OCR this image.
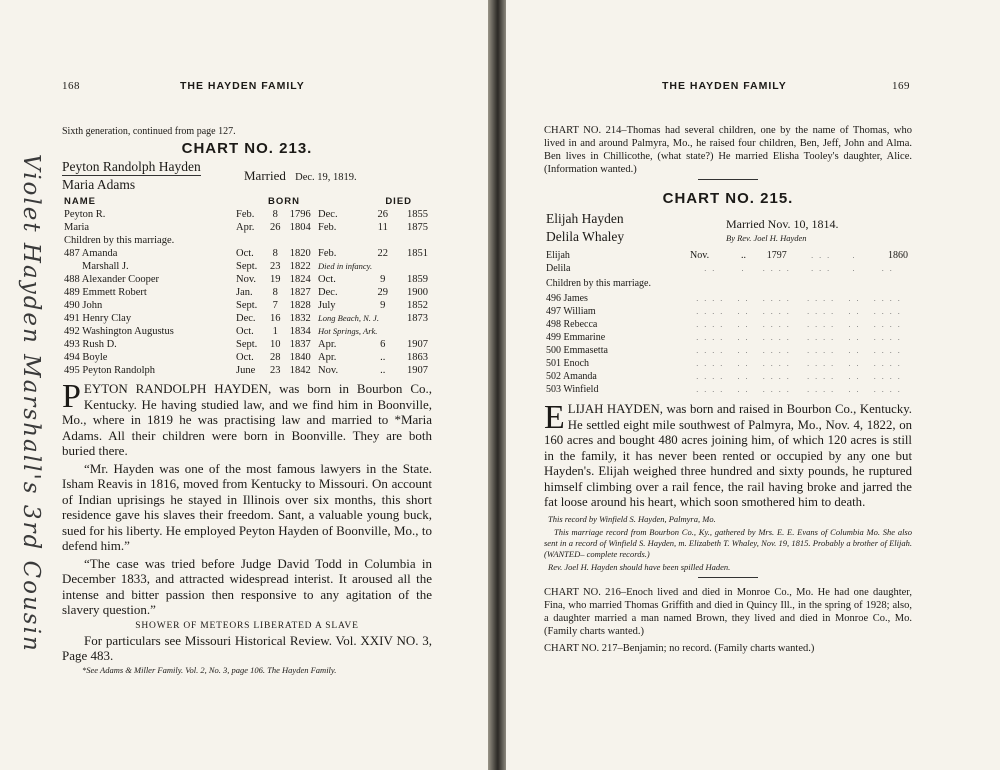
168	THE HAYDEN FAMILY
Violet Hayden Marshall's 3rd Cousin
Sixth generation, continued from page 127.
CHART NO. 213.
Peyton Randolph Hayden
Maria Adams
Married Dec. 19, 1819.
NAME		BORN			DIED	
Peyton R.	Feb.	8	1796	Dec.	26	1855
Maria	Apr.	26	1804	Feb.	11	1875
Children by this marriage.						
487 Amanda	Oct.	8	1820	Feb.	22	1851
Marshall J.	Sept.	23	1822	Died in infancy.		
488 Alexander Cooper	Nov.	19	1824	Oct.	9	1859
489 Emmett Robert	Jan.	8	1827	Dec.	29	1900
490 John	Sept.	7	1828	July	9	1852
491 Henry Clay	Dec.	16	1832	Long Beach, N. J.		1873
492 Washington Augustus	Oct.	1	1834	Hot Springs, Ark.		
493 Rush D.	Sept.	10	1837	Apr.	6	1907
494 Boyle	Oct.	28	1840	Apr.	..	1863
495 Peyton Randolph	June	23	1842	Nov.	..	1907
PEYTON RANDOLPH HAYDEN, was born in Bourbon Co., Kentucky. He having studied law, and we find him in Boonville, Mo., where in 1819 he was practising law and married to *Maria Adams. All their children were born in Boonville. They are both buried there.
“Mr. Hayden was one of the most famous lawyers in the State. Isham Reavis in 1816, moved from Kentucky to Missouri. On account of Indian uprisings he stayed in Illinois over six months, this short residence gave his slaves their freedom. Sant, a valuable young buck, sued for his liberty. He employed Peyton Hayden of Boonville, Mo., to defend him.”
“The case was tried before Judge David Todd in Columbia in December 1833, and attracted widespread interist. It aroused all the intense and bitter passion then responsive to any agitation of the slavery question.”
SHOWER OF METEORS LIBERATED A SLAVE
For particulars see Missouri Historical Review. Vol. XXIV NO. 3, Page 483.
*See Adams & Miller Family. Vol. 2, No. 3, page 106. The Hayden Family.
THE HAYDEN FAMILY	169
CHART NO. 214–Thomas had several children, one by the name of Thomas, who lived in and around Palmyra, Mo., he raised four children, Ben, Jeff, John and Alma. Ben lives in Chillicothe, (what state?) He married Elisha Tooley's daughter, Alice. (Information wanted.)
CHART NO. 215.
Elijah Hayden
Delila Whaley
Married Nov. 10, 1814.
By Rev. Joel H. Hayden
Elijah	Nov.	..	1797	. . .	.	1860
Delila	. .	.	. . . .	. . .	.	. .
Children by this marriage.						
496 James	. . . .	. .	. . . .	. . . .	. .	. . . .
497 William	. . . .	. .	. . . .	. . . .	. .	. . . .
498 Rebecca	. . . .	. .	. . . .	. . . .	. .	. . . .
499 Emmarine	. . . .	. .	. . . .	. . . .	. .	. . . .
500 Emmasetta	. . . .	. .	. . . .	. . . .	. .	. . . .
501 Enoch	. . . .	. .	. . . .	. . . .	. .	. . . .
502 Amanda	. . . .	. .	. . . .	. . . .	. .	. . . .
503 Winfield	. . . .	. .	. . . .	. . . .	. .	. . . .
ELIJAH HAYDEN, was born and raised in Bourbon Co., Kentucky. He settled eight mile southwest of Palmyra, Mo., Nov. 4, 1822, on 160 acres and bought 480 acres joining him, of which 120 acres is still in the family, it has never been rented or occupied by any one but Hayden's. Elijah weighed three hundred and sixty pounds, he ruptured himself climbing over a rail fence, the rail having broke and jarred the fat loose around his heart, which soon smothered him to death.
This record by Winfield S. Hayden, Palmyra, Mo.
This marriage record from Bourbon Co., Ky., gathered by Mrs. E. E. Evans of Columbia Mo. She also sent in a record of Winfield S. Hayden, m. Elizabeth T. Whaley, Nov. 19, 1815. Probably a brother of Elijah. (WANTED– complete records.)
Rev. Joel H. Hayden should have been spilled Haden.
CHART NO. 216–Enoch lived and died in Monroe Co., Mo. He had one daughter, Fina, who married Thomas Griffith and died in Quincy Ill., in the spring of 1928; also, a daughter married a man named Brown, they lived and died in Monroe Co., Mo. (Family charts wanted.)
CHART NO. 217–Benjamin; no record. (Family charts wanted.)
